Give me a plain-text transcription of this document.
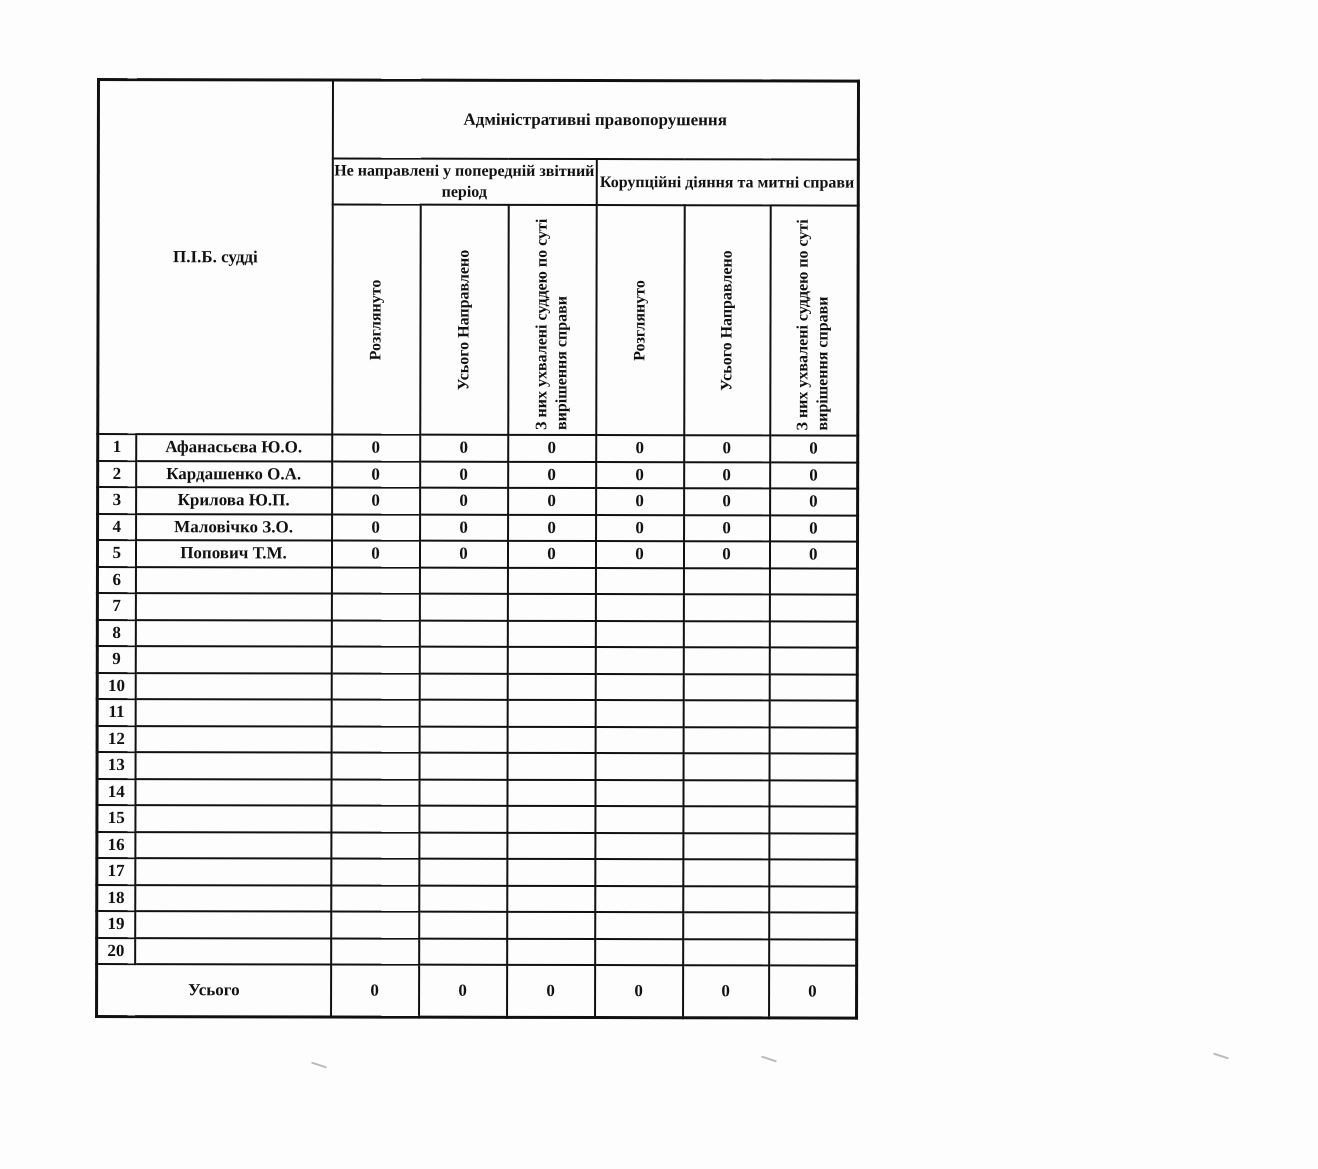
П.І.Б. судді		Адміністративні правопорушення					

		Не направлені у попередній звітний період			Корупційні діяння та митні справи		

		Розглянуто	Усього Направлено	З них ухвалені суддею по суті вирішення справи	Розглянуто	Усього Направлено	З них ухвалені суддею по суті вирішення справи

1	Афанасьєва Ю.О.	0	0	0	0	0	0
2	Кардашенко О.А.	0	0	0	0	0	0
3	Крилова Ю.П.	0	0	0	0	0	0
4	Маловічко З.О.	0	0	0	0	0	0
5	Попович Т.М.	0	0	0	0	0	0
6							
7							
8							
9							
10							
11							
12							
13							
14							
15							
16							
17							
18							
19							
20							
Усього		0	0	0	0	0	0
